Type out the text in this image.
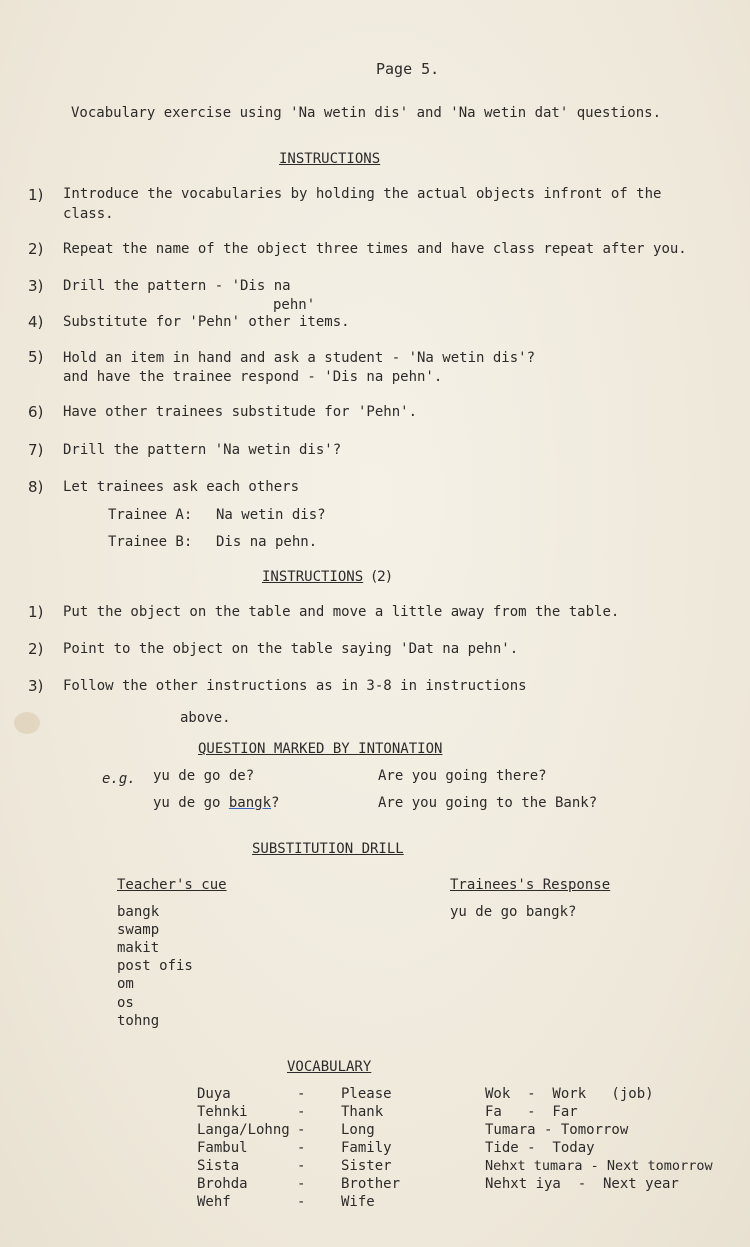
Page 5.
Vocabulary exercise using 'Na wetin dis' and 'Na wetin dat' questions.
INSTRUCTIONS
1) Introduce the vocabularies by holding the actual objects infront of the
class.
2) Repeat the name of the object three times and have class repeat after you.
3) Drill the pattern - 'Dis na
pehn'
4) Substitute for 'Pehn' other items.
5) Hold an item in hand and ask a student - 'Na wetin dis'?
and have the trainee respond - 'Dis na pehn'.
6) Have other trainees substitude for 'Pehn'.
7) Drill the pattern 'Na wetin dis'?
8) Let trainees ask each others
Trainee A: Na wetin dis?
Trainee B: Dis na pehn.
INSTRUCTIONS (2)
1) Put the object on the table and move a little away from the table.
2) Point to the object on the table saying 'Dat na pehn'.
3) Follow the other instructions as in 3-8 in instructions
above.
QUESTION MARKED BY INTONATION
e.g. yu de go de?	Are you going there?
yu de go bangk?	Are you going to the Bank?
SUBSTITUTION DRILL
Teacher's cue	Trainees's Response
yu de go bangk?
bangk
swamp
makit
post ofis
om
os
tohng
VOCABULARY
Duya	-	Please
Tehnki	-	Thank
Langa/Lohng -	Long
Fambul	-	Family
Sista	-	Sister
Brohda	-	Brother
Wehf	-	Wife
Wok  -  Work   (job)
Fa   -  Far
Tumara - Tomorrow
Tide -  Today
Nehxt tumara - Next tomorrow
Nehxt iya  -  Next year
